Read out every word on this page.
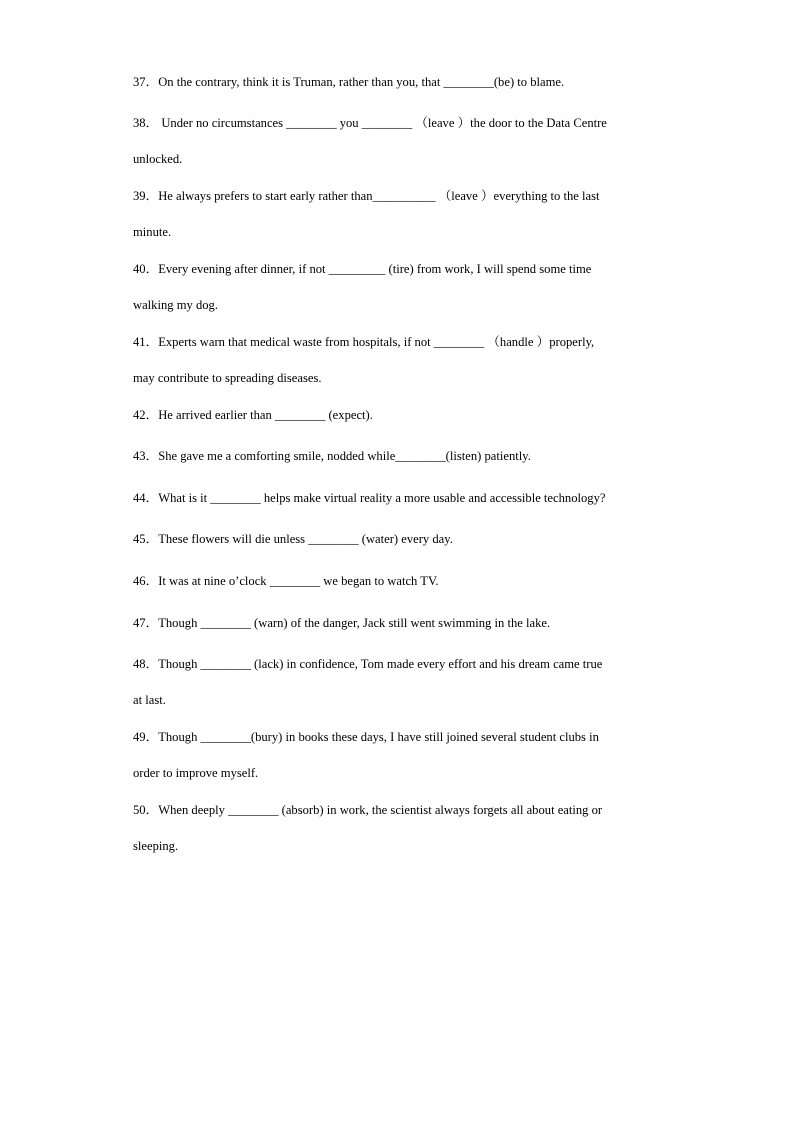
37．On the contrary, think it is Truman, rather than you, that ________(be) to blame.
38． Under no circumstances ________ you ________ （leave ）the door to the Data Centre
unlocked.
39．He always prefers to start early rather than__________ （leave ）everything to the last
minute.
40．Every evening after dinner, if not _________ (tire) from work, I will spend some time
walking my dog.
41．Experts warn that medical waste from hospitals, if not ________ （handle ）properly,
may contribute to spreading diseases.
42．He arrived earlier than ________ (expect).
43．She gave me a comforting smile, nodded while________(listen) patiently.
44．What is it ________ helps make virtual reality a more usable and accessible technology?
45．These flowers will die unless ________ (water) every day.
46．It was at nine o’clock ________ we began to watch TV.
47．Though ________ (warn) of the danger, Jack still went swimming in the lake.
48．Though ________ (lack) in confidence, Tom made every effort and his dream came true
at last.
49．Though ________(bury) in books these days, I have still joined several student clubs in
order to improve myself.
50．When deeply ________ (absorb) in work, the scientist always forgets all about eating or
sleeping.
